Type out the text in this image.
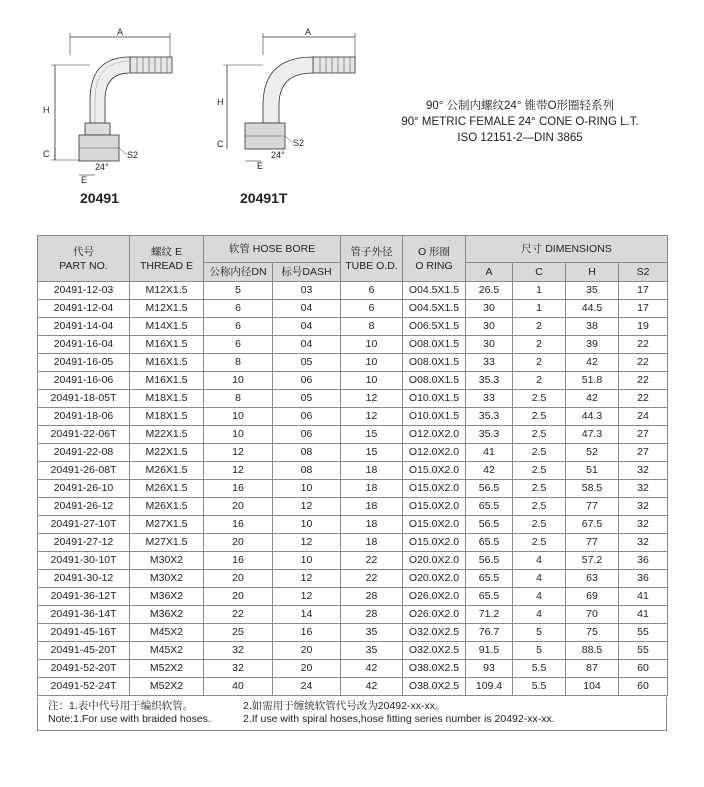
A
H
C	S2
24°
E
20491
A
H
C	S2
24°
E
20491T
90° 公制内螺纹24° 锥带O形圈轻系列
90° METRIC FEMALE 24° CONE O-RING L.T.
ISO 12151-2—DIN 3865
代号
PART NO.	螺纹 E
THREAD E	软管 HOSE BORE		管子外径
TUBE O.D.	O 形圈
O RING	尺寸 DIMENSIONS			
		公称内径DN	标号DASH			A	C	H	S2
20491-12-03	M12X1.5	5	03	6	O04.5X1.5	26.5	1	35	17
20491-12-04	M12X1.5	6	04	6	O04.5X1.5	30	1	44.5	17
20491-14-04	M14X1.5	6	04	8	O06.5X1.5	30	2	38	19
20491-16-04	M16X1.5	6	04	10	O08.0X1.5	30	2	39	22
20491-16-05	M16X1.5	8	05	10	O08.0X1.5	33	2	42	22
20491-16-06	M16X1.5	10	06	10	O08.0X1.5	35.3	2	51.8	22
20491-18-05T	M18X1.5	8	05	12	O10.0X1.5	33	2.5	42	22
20491-18-06	M18X1.5	10	06	12	O10.0X1.5	35.3	2.5	44.3	24
20491-22-06T	M22X1.5	10	06	15	O12.0X2.0	35.3	2.5	47.3	27
20491-22-08	M22X1.5	12	08	15	O12.0X2.0	41	2.5	52	27
20491-26-08T	M26X1.5	12	08	18	O15.0X2.0	42	2.5	51	32
20491-26-10	M26X1.5	16	10	18	O15.0X2.0	56.5	2.5	58.5	32
20491-26-12	M26X1.5	20	12	18	O15.0X2.0	65.5	2.5	77	32
20491-27-10T	M27X1.5	16	10	18	O15.0X2.0	56.5	2.5	67.5	32
20491-27-12	M27X1.5	20	12	18	O15.0X2.0	65.5	2.5	77	32
20491-30-10T	M30X2	16	10	22	O20.0X2.0	56.5	4	57.2	36
20491-30-12	M30X2	20	12	22	O20.0X2.0	65.5	4	63	36
20491-36-12T	M36X2	20	12	28	O26.0X2.0	65.5	4	69	41
20491-36-14T	M36X2	22	14	28	O26.0X2.0	71.2	4	70	41
20491-45-16T	M45X2	25	16	35	O32.0X2.5	76.7	5	75	55
20491-45-20T	M45X2	32	20	35	O32.0X2.5	91.5	5	88.5	55
20491-52-20T	M52X2	32	20	42	O38.0X2.5	93	5.5	87	60
20491-52-24T	M52X2	40	24	42	O38.0X2.5	109.4	5.5	104	60
注：1.表中代号用于编织软管。	2.如需用于缠统软管代号改为20492-xx-xx。
Note:1.For use with braided hoses.	2.If use with spiral hoses,hose fitting series number is 20492-xx-xx.
